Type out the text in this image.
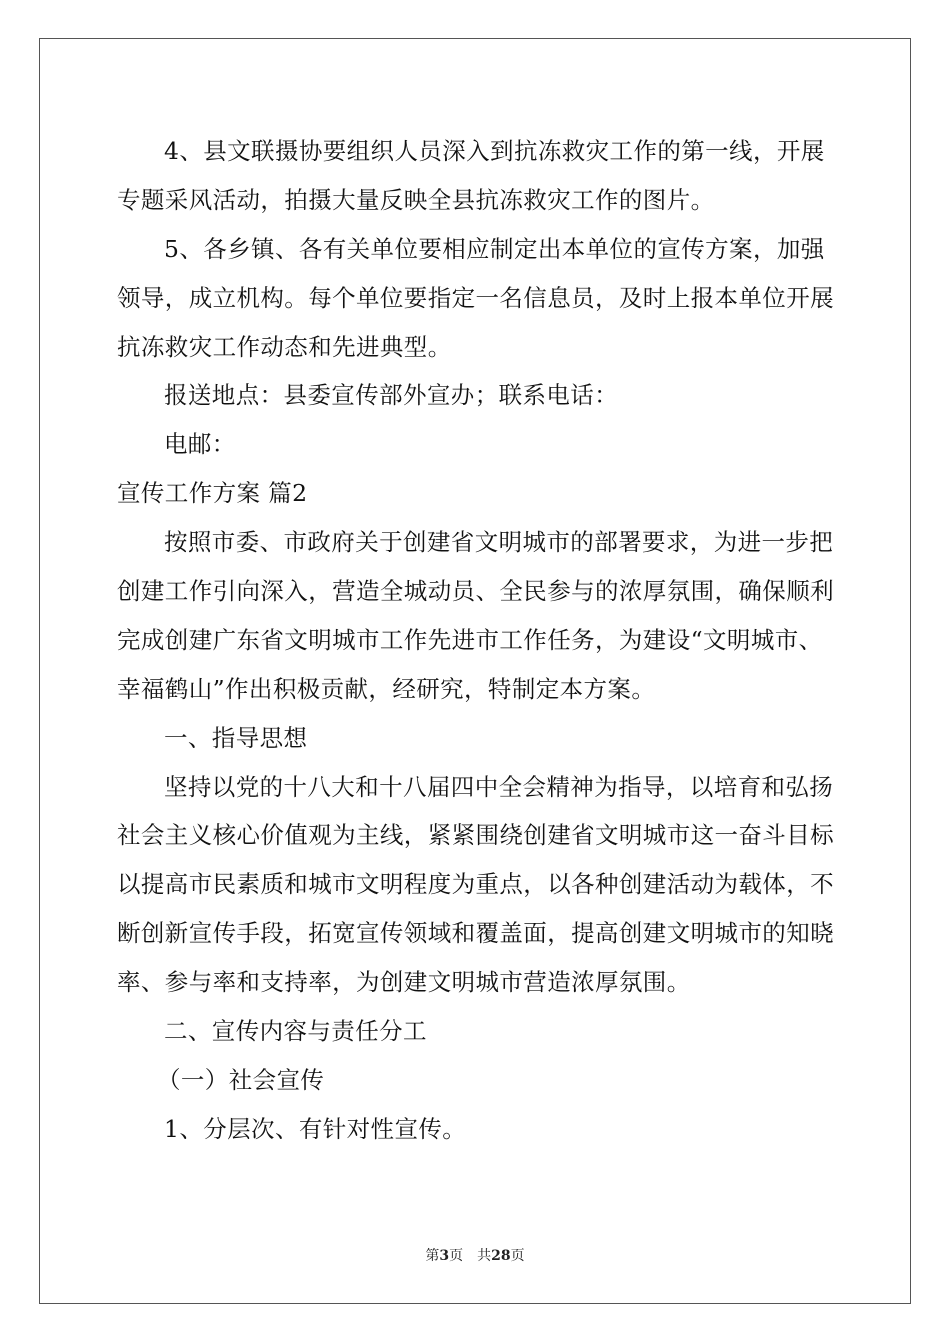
4、县文联摄协要组织人员深入到抗冻救灾工作的第一线，开展
专题采风活动，拍摄大量反映全县抗冻救灾工作的图片。
5、各乡镇、各有关单位要相应制定出本单位的宣传方案，加强
领导，成立机构。每个单位要指定一名信息员，及时上报本单位开展
抗冻救灾工作动态和先进典型。
报送地点：县委宣传部外宣办；联系电话：
电邮：
宣传工作方案 篇2
按照市委、市政府关于创建省文明城市的部署要求，为进一步把
创建工作引向深入，营造全城动员、全民参与的浓厚氛围，确保顺利
完成创建广东省文明城市工作先进市工作任务，为建设“文明城市、
幸福鹤山”作出积极贡献，经研究，特制定本方案。
一、指导思想
坚持以党的十八大和十八届四中全会精神为指导，以培育和弘扬
社会主义核心价值观为主线，紧紧围绕创建省文明城市这一奋斗目标
以提高市民素质和城市文明程度为重点，以各种创建活动为载体，不
断创新宣传手段，拓宽宣传领域和覆盖面，提高创建文明城市的知晓
率、参与率和支持率，为创建文明城市营造浓厚氛围。
二、宣传内容与责任分工
（一）社会宣传
1、分层次、有针对性宣传。
第3页　共28页
